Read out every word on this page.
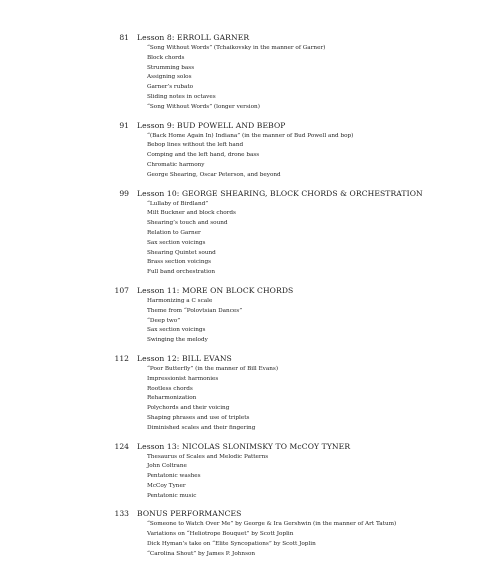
81 Lesson 8: ERROLL GARNER
“Song Without Words” (Tchaikovsky in the manner of Garner)
Block chords
Strumming bass
Assigning solos
Garner’s rubato
Sliding notes in octaves
“Song Without Words” (longer version)
91 Lesson 9: BUD POWELL AND BEBOP
“(Back Home Again In) Indiana” (in the manner of Bud Powell and bop)
Bebop lines without the left hand
Comping and the left hand, drone bass
Chromatic harmony
George Shearing, Oscar Peterson, and beyond
99 Lesson 10: GEORGE SHEARING, BLOCK CHORDS & ORCHESTRATION
“Lullaby of Birdland”
Milt Buckner and block chords
Shearing’s touch and sound
Relation to Garner
Sax section voicings
Shearing Quintet sound
Brass section voicings
Full band orchestration
107 Lesson 11: MORE ON BLOCK CHORDS
Harmonizing a C scale
Theme from “Polovtsian Dances”
“Deep two”
Sax section voicings
Swinging the melody
112 Lesson 12: BILL EVANS
“Poor Butterfly” (in the manner of Bill Evans)
Impressionist harmonies
Rootless chords
Reharmonization
Polychords and their voicing
Shaping phrases and use of triplets
Diminished scales and their fingering
124 Lesson 13: NICOLAS SLONIMSKY TO McCOY TYNER
Thesaurus of Scales and Melodic Patterns
John Coltrane
Pentatonic washes
McCoy Tyner
Pentatonic music
133 BONUS PERFORMANCES
“Someone to Watch Over Me” by George & Ira Gershwin (in the manner of Art Tatum)
Variations on “Heliotrope Bouquet” by Scott Joplin
Dick Hyman’s take on “Elite Syncopations” by Scott Joplin
“Carolina Shout” by James P. Johnson
